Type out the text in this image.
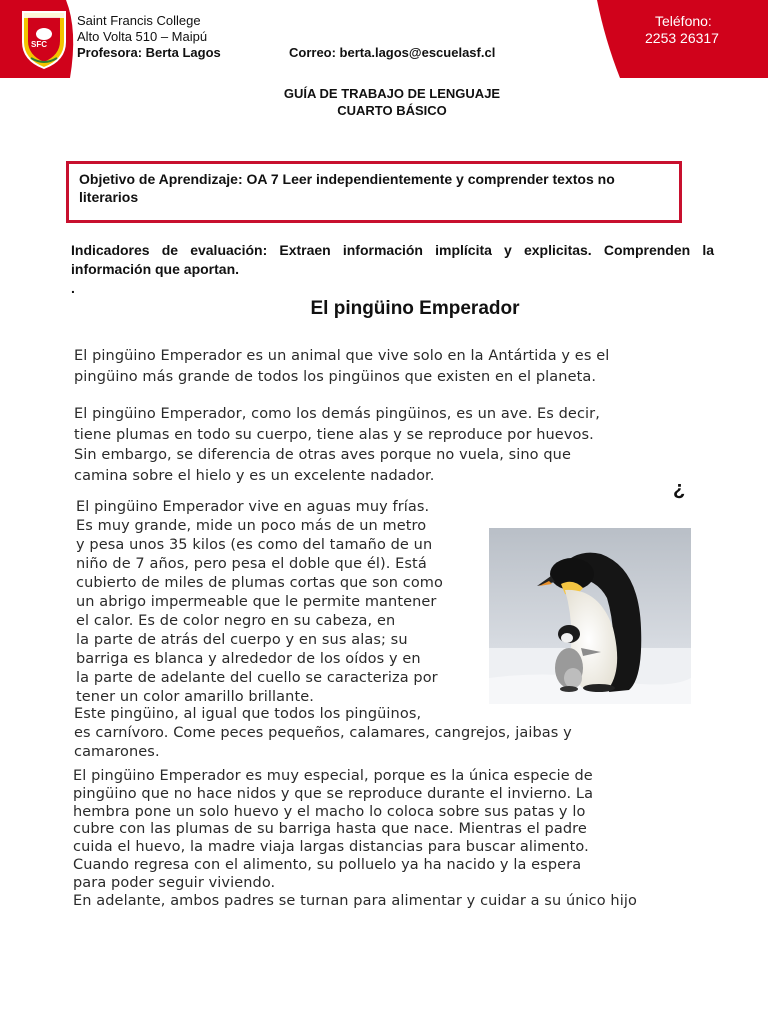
SFC
Saint Francis College
Alto Volta 510 – Maipú
Profesora: Berta Lagos	Correo: berta.lagos@escuelasf.cl
Teléfono:
2253 26317
GUÍA DE TRABAJO DE LENGUAJE
CUARTO BÁSICO
Objetivo de Aprendizaje: OA 7 Leer independientemente y comprender textos no
literarios
Indicadores de evaluación: Extraen información implícita y explicitas. Comprenden la
información que aportan.
.
El pingüino Emperador
El pingüino Emperador es un animal que vive solo en la Antártida y es el
pingüino más grande de todos los pingüinos que existen en el planeta.
El pingüino Emperador, como los demás pingüinos, es un ave. Es decir,
tiene plumas en todo su cuerpo, tiene alas y se reproduce por huevos.
Sin embargo, se diferencia de otras aves porque no vuela, sino que
camina sobre el hielo y es un excelente nadador.
¿
El pingüino Emperador vive en aguas muy frías.
Es muy grande, mide un poco más de un metro
y pesa unos 35 kilos (es como del tamaño de un
niño de 7 años, pero pesa el doble que él). Está
cubierto de miles de plumas cortas que son como
un abrigo impermeable que le permite mantener
el calor. Es de color negro en su cabeza, en
la parte de atrás del cuerpo y en sus alas; su
barriga es blanca y alrededor de los oídos y en
la parte de adelante del cuello se caracteriza por
tener un color amarillo brillante.
Este pingüino, al igual que todos los pingüinos,
es carnívoro. Come peces pequeños, calamares, cangrejos, jaibas y
camarones.
El pingüino Emperador es muy especial, porque es la única especie de
pingüino que no hace nidos y que se reproduce durante el invierno. La
hembra pone un solo huevo y el macho lo coloca sobre sus patas y lo
cubre con las plumas de su barriga hasta que nace. Mientras el padre
cuida el huevo, la madre viaja largas distancias para buscar alimento.
Cuando regresa con el alimento, su polluelo ya ha nacido y la espera
para poder seguir viviendo.
En adelante, ambos padres se turnan para alimentar y cuidar a su único hijo
